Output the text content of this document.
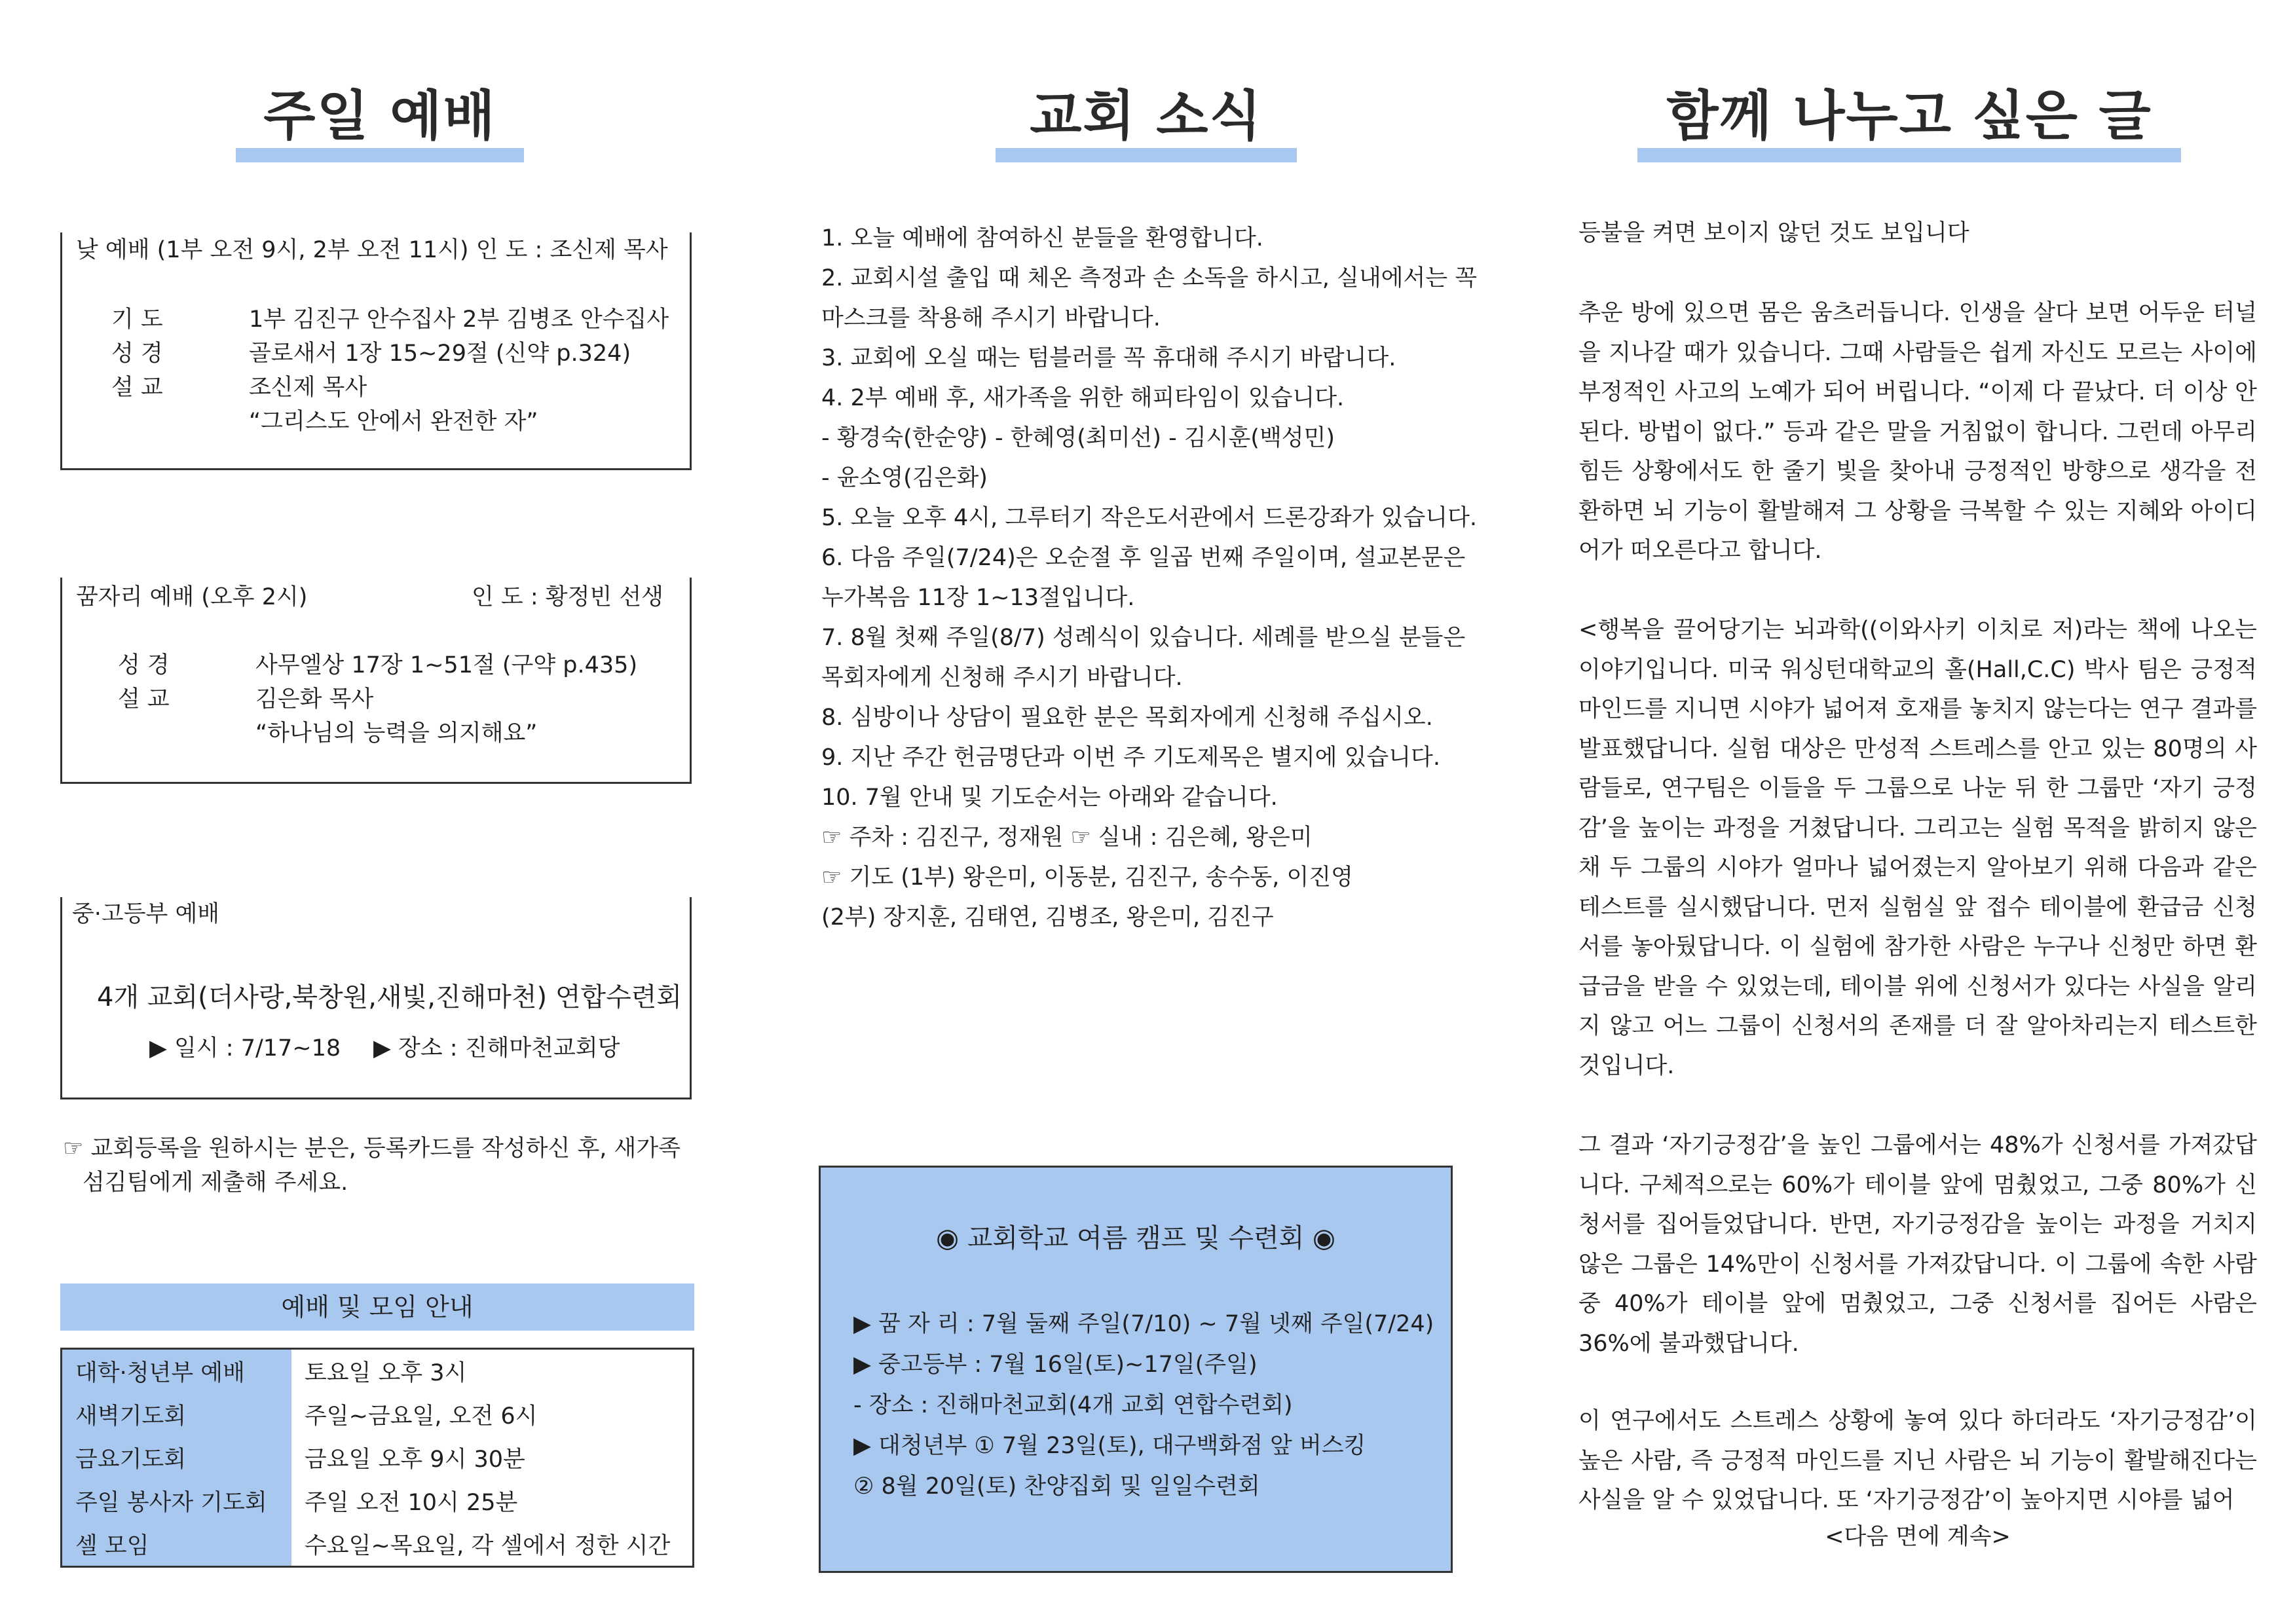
주일 예배
낮 예배 (1부 오전 9시, 2부 오전 11시) 인 도 : 조신제 목사
기 도	1부 김진구 안수집사 2부 김병조 안수집사
성 경	골로새서 1장 15~29절 (신약 p.324)
설 교	조신제 목사
“그리스도 안에서 완전한 자”
꿈자리 예배 (오후 2시)	인 도 : 황정빈 선생
성 경	사무엘상 17장 1~51절 (구약 p.435)
설 교	김은화 목사
“하나님의 능력을 의지해요”
중·고등부 예배
4개 교회(더사랑,북창원,새빛,진해마천) 연합수련회
▶ 일시 : 7/17~18 ▶ 장소 : 진해마천교회당
☞ 교회등록을 원하시는 분은, 등록카드를 작성하신 후, 새가족
섬김팀에게 제출해 주세요.
예배 및 모임 안내
대학·청년부 예배	토요일 오후 3시
새벽기도회	주일~금요일, 오전 6시
금요기도회	금요일 오후 9시 30분
주일 봉사자 기도회	주일 오전 10시 25분
셀 모임	수요일~목요일, 각 셀에서 정한 시간
교회 소식
1. 오늘 예배에 참여하신 분들을 환영합니다.
2. 교회시설 출입 때 체온 측정과 손 소독을 하시고, 실내에서는 꼭
마스크를 착용해 주시기 바랍니다.
3. 교회에 오실 때는 텀블러를 꼭 휴대해 주시기 바랍니다.
4. 2부 예배 후, 새가족을 위한 해피타임이 있습니다.
- 황경숙(한순양) - 한혜영(최미선) - 김시훈(백성민)
- 윤소영(김은화)
5. 오늘 오후 4시, 그루터기 작은도서관에서 드론강좌가 있습니다.
6. 다음 주일(7/24)은 오순절 후 일곱 번째 주일이며, 설교본문은
누가복음 11장 1~13절입니다.
7. 8월 첫째 주일(8/7) 성례식이 있습니다. 세례를 받으실 분들은
목회자에게 신청해 주시기 바랍니다.
8. 심방이나 상담이 필요한 분은 목회자에게 신청해 주십시오.
9. 지난 주간 헌금명단과 이번 주 기도제목은 별지에 있습니다.
10. 7월 안내 및 기도순서는 아래와 같습니다.
☞ 주차 : 김진구, 정재원 ☞ 실내 : 김은혜, 왕은미
☞ 기도 (1부) 왕은미, 이동분, 김진구, 송수동, 이진영
(2부) 장지훈, 김태연, 김병조, 왕은미, 김진구
◉ 교회학교 여름 캠프 및 수련회 ◉
▶ 꿈 자 리 : 7월 둘째 주일(7/10) ~ 7월 넷째 주일(7/24)
▶ 중고등부 : 7월 16일(토)~17일(주일)
- 장소 : 진해마천교회(4개 교회 연합수련회)
▶ 대청년부 ① 7월 23일(토), 대구백화점 앞 버스킹
② 8월 20일(토) 찬양집회 및 일일수련회
함께 나누고 싶은 글
등불을 켜면 보이지 않던 것도 보입니다
추운 방에 있으면 몸은 움츠러듭니다. 인생을 살다 보면 어두운 터널을 지나갈 때가 있습니다. 그때 사람들은 쉽게 자신도 모르는 사이에 부정적인 사고의 노예가 되어 버립니다. “이제 다 끝났다. 더 이상 안된다. 방법이 없다.” 등과 같은 말을 거침없이 합니다. 그런데 아무리 힘든 상황에서도 한 줄기 빛을 찾아내 긍정적인 방향으로 생각을 전환하면 뇌 기능이 활발해져 그 상황을 극복할 수 있는 지혜와 아이디어가 떠오른다고 합니다.
<행복을 끌어당기는 뇌과학((이와사키 이치로 저)라는 책에 나오는 이야기입니다. 미국 워싱턴대학교의 홀(Hall,C.C) 박사 팀은 긍정적 마인드를 지니면 시야가 넓어져 호재를 놓치지 않는다는 연구 결과를 발표했답니다. 실험 대상은 만성적 스트레스를 안고 있는 80명의 사람들로, 연구팀은 이들을 두 그룹으로 나눈 뒤 한 그룹만 ‘자기 긍정감’을 높이는 과정을 거쳤답니다. 그리고는 실험 목적을 밝히지 않은 채 두 그룹의 시야가 얼마나 넓어졌는지 알아보기 위해 다음과 같은 테스트를 실시했답니다. 먼저 실험실 앞 접수 테이블에 환급금 신청서를 놓아뒀답니다. 이 실험에 참가한 사람은 누구나 신청만 하면 환급금을 받을 수 있었는데, 테이블 위에 신청서가 있다는 사실을 알리지 않고 어느 그룹이 신청서의 존재를 더 잘 알아차리는지 테스트한 것입니다.
그 결과 ‘자기긍정감’을 높인 그룹에서는 48%가 신청서를 가져갔답니다. 구체적으로는 60%가 테이블 앞에 멈췄었고, 그중 80%가 신청서를 집어들었답니다. 반면, 자기긍정감을 높이는 과정을 거치지 않은 그룹은 14%만이 신청서를 가져갔답니다. 이 그룹에 속한 사람 중 40%가 테이블 앞에 멈췄었고, 그중 신청서를 집어든 사람은 36%에 불과했답니다.
이 연구에서도 스트레스 상황에 놓여 있다 하더라도 ‘자기긍정감’이 높은 사람, 즉 긍정적 마인드를 지닌 사람은 뇌 기능이 활발해진다는 사실을 알 수 있었답니다. 또 ‘자기긍정감’이 높아지면 시야를 넓어
<다음 면에 계속>
